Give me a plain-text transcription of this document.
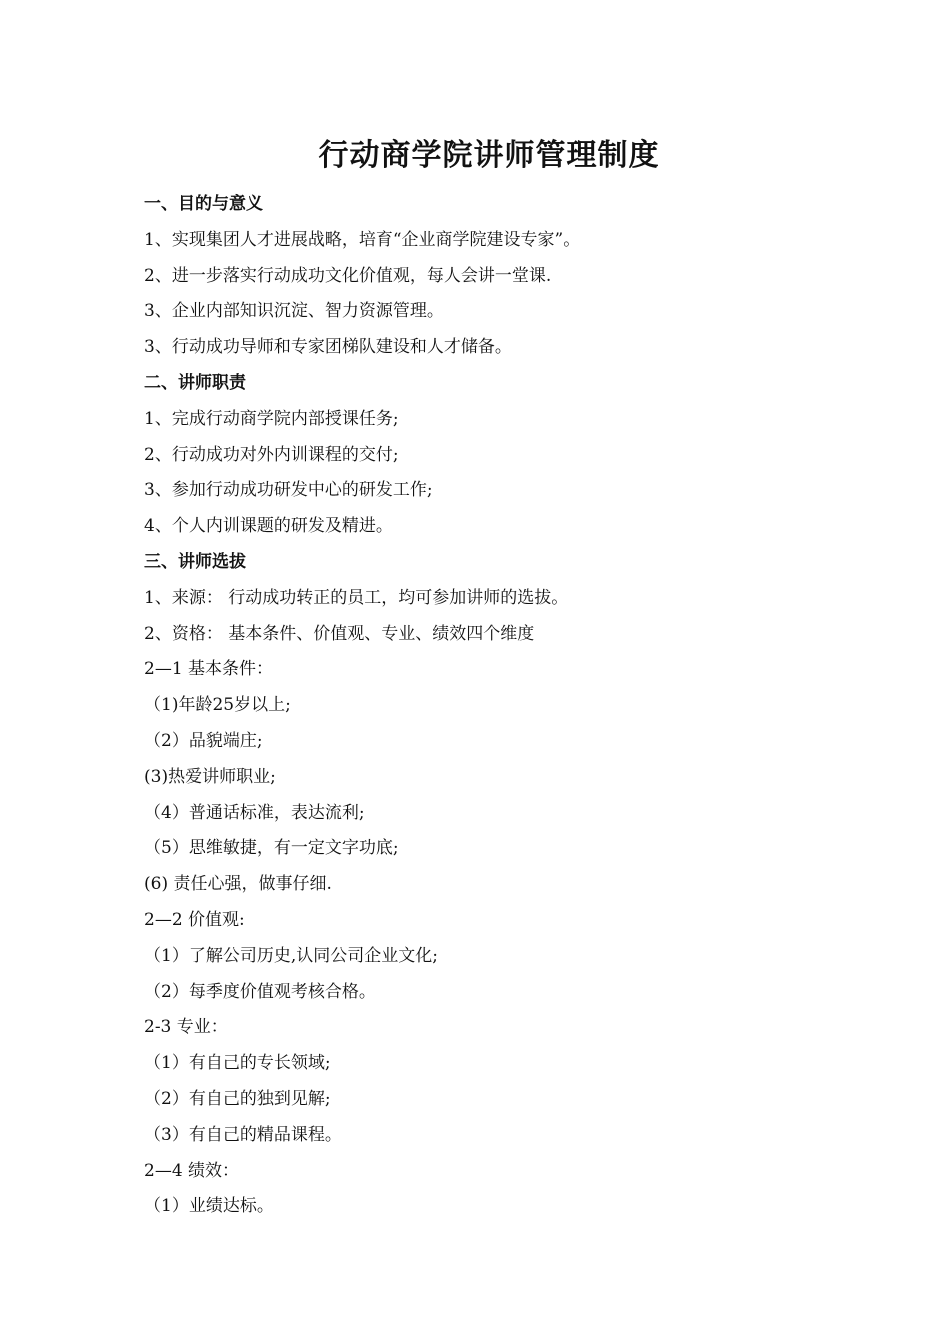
行动商学院讲师管理制度

一、目的与意义

1、实现集团人才进展战略，培育“企业商学院建设专家”。

2、进一步落实行动成功文化价值观，每人会讲一堂课.

3、企业内部知识沉淀、智力资源管理。

3、行动成功导师和专家团梯队建设和人才储备。

二、讲师职责

1、完成行动商学院内部授课任务;

2、行动成功对外内训课程的交付;

3、参加行动成功研发中心的研发工作;

4、个人内训课题的研发及精进。

三、讲师选拔

1、来源： 行动成功转正的员工，均可参加讲师的选拔。

2、资格： 基本条件、价值观、专业、绩效四个维度

2—1 基本条件：

（1)年龄25岁以上;

（2）品貌端庄;

(3)热爱讲师职业;

（4）普通话标准，表达流利;

（5）思维敏捷，有一定文字功底;

(6) 责任心强，做事仔细.

2—2 价值观:

（1）了解公司历史,认同公司企业文化;

（2）每季度价值观考核合格。

2-3 专业：

（1）有自己的专长领域;

（2）有自己的独到见解;

（3）有自己的精品课程。

2—4 绩效：

（1）业绩达标。
